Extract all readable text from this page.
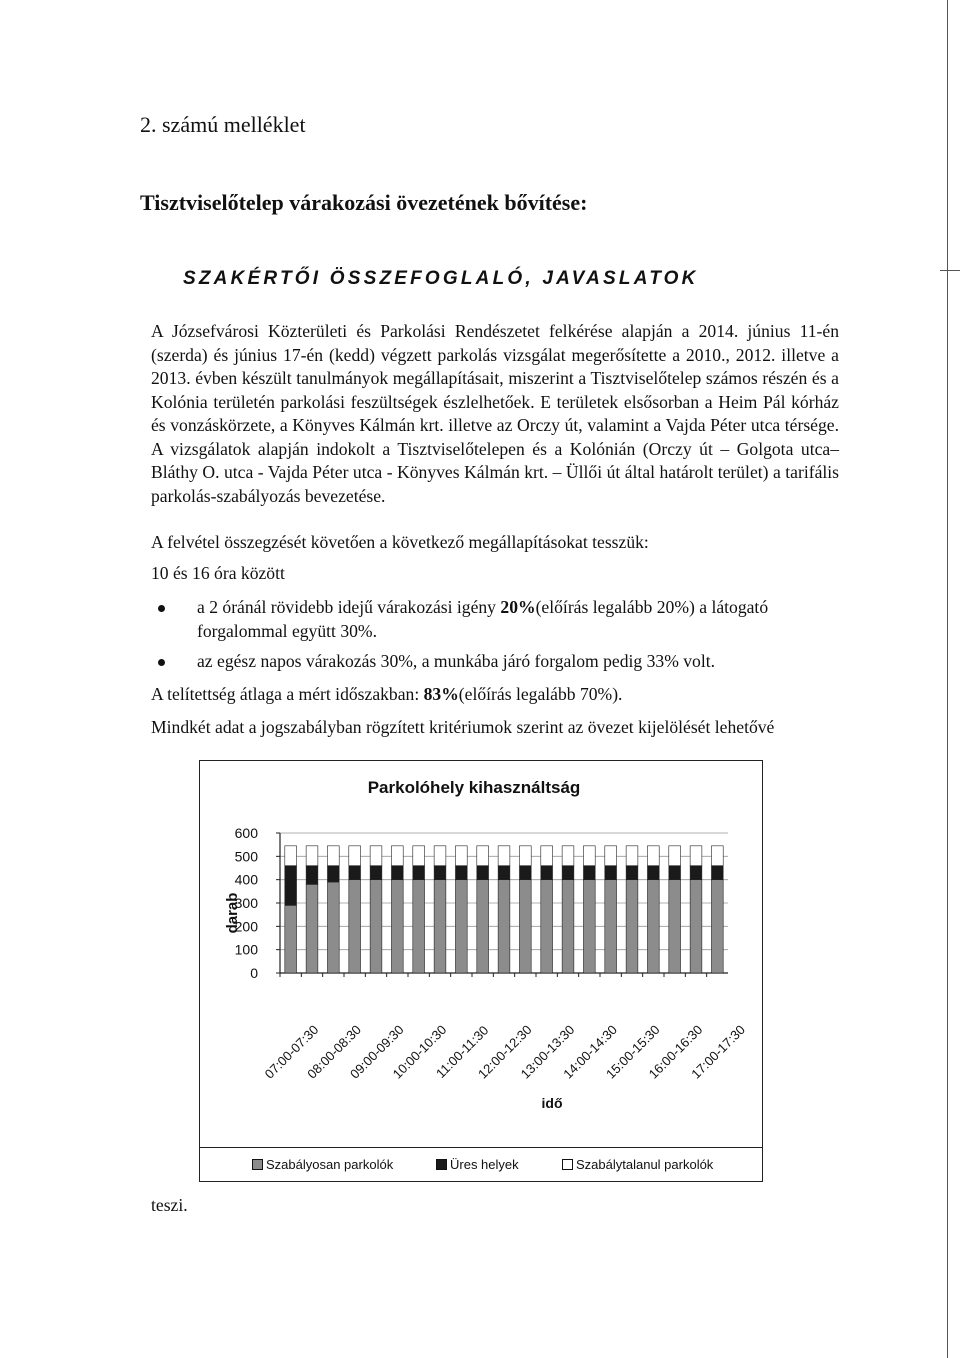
2. számú melléklet
Tisztviselőtelep várakozási övezetének bővítése:
SZAKÉRTŐI ÖSSZEFOGLALÓ, JAVASLATOK
A Józsefvárosi Közterületi és Parkolási Rendészetet felkérése alapján a 2014. június 11-én (szerda) és június 17-én (kedd) végzett parkolás vizsgálat megerősítette a 2010., 2012. illetve a 2013. évben készült tanulmányok megállapításait, miszerint a Tisztviselőtelep számos részén és a Kolónia területén parkolási feszültségek észlelhetőek. E területek elsősorban a Heim Pál kórház és vonzáskörzete, a Könyves Kálmán krt. illetve az Orczy út, valamint a Vajda Péter utca térsége. A vizsgálatok alapján indokolt a Tisztviselőtelepen és a Kolónián (Orczy út – Golgota utca– Bláthy O. utca - Vajda Péter utca - Könyves Kálmán krt. – Üllői út által határolt terület) a tarifális parkolás-szabályozás bevezetése.
A felvétel összegzését követően a következő megállapításokat tesszük:
10 és 16 óra között
a 2 óránál rövidebb idejű várakozási igény 20%(előírás legalább 20%) a látogató
forgalommal együtt 30%.
az egész napos várakozás 30%, a munkába járó forgalom pedig 33% volt.
A telítettség átlaga a mért időszakban: 83%(előírás legalább 70%).
Mindkét adat a jogszabályban rögzített kritériumok szerint az övezet kijelölését lehetővé
Parkolóhely kihasználtság
darab
0
100
200
300
400
500
600
07:00-07:30
08:00-08:30
09:00-09:30
10:00-10:30
11:00-11:30
12:00-12:30
13:00-13:30
14:00-14:30
15:00-15:30
16:00-16:30
17:00-17:30
idő
Szabályosan parkolók	Üres helyek	Szabálytalanul parkolók
teszi.
